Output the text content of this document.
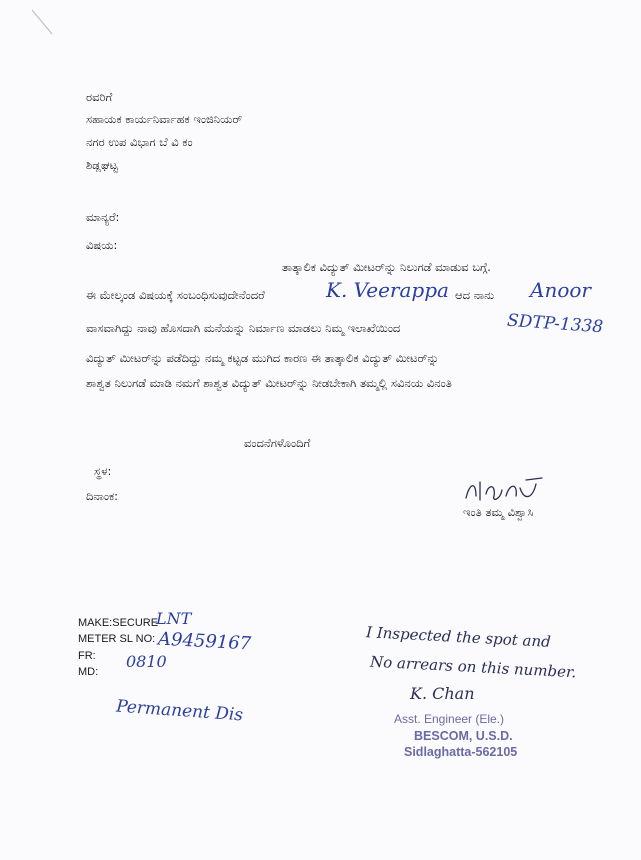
ರವರಿಗೆ
ಸಹಾಯಕ ಕಾರ್ಯನಿರ್ವಾಹಕ ಇಂಜಿನಿಯರ್
ನಗರ ಉಪ ವಿಭಾಗ ಬೆ ವಿ ಕಂ
ಶಿಡ್ಲಘಟ್ಟ
ಮಾನ್ಯರೆ:
ವಿಷಯ:
ತಾತ್ಕಾಲಿಕ ವಿದ್ಯುತ್ ಮೀಟರ್‌ನ್ನು ನಿಲುಗಡೆ ಮಾಡುವ ಬಗ್ಗೆ.
ಈ ಮೇಲ್ಕಂಡ ವಿಷಯಕ್ಕೆ ಸಂಬಂಧಿಸುವುದೇನೆಂದರೆ	K. Veerappa ಆದ ನಾನು Anoor
ವಾಸವಾಗಿದ್ದು ನಾವು ಹೊಸದಾಗಿ ಮನೆಯನ್ನು ನಿರ್ಮಾಣ ಮಾಡಲು ನಿಮ್ಮ ಇಲಾಖೆಯಿಂದ	SDTP-1338
ವಿದ್ಯುತ್ ಮೀಟರ್‌ನ್ನು ಪಡೆದಿದ್ದು ನಮ್ಮ ಕಟ್ಟಡ ಮುಗಿದ ಕಾರಣ ಈ ತಾತ್ಕಾಲಿಕ ವಿದ್ಯುತ್ ಮೀಟರ್‌ನ್ನು
ಶಾಶ್ವತ ನಿಲುಗಡೆ ಮಾಡಿ ನಮಗೆ ಶಾಶ್ವತ ವಿದ್ಯುತ್ ಮೀಟರ್‌ನ್ನು ನೀಡಬೇಕಾಗಿ ತಮ್ಮಲ್ಲಿ ಸವಿನಯ ವಿನಂತಿ
ವಂದನೆಗಳೊಂದಿಗೆ
ಸ್ಥಳ:
ದಿನಾಂಕ:
ಇಂತಿ ತಮ್ಮ ವಿಶ್ವಾಸಿ
MAKE:SECURE
LNT
METER SL NO: A9459167
FR: 0810
MD:
Permanent Dis
I Inspected the spot and
No arrears on this number.
K. Chan
Asst. Engineer (Ele.)
BESCOM, U.S.D.
Sidlaghatta-562105
